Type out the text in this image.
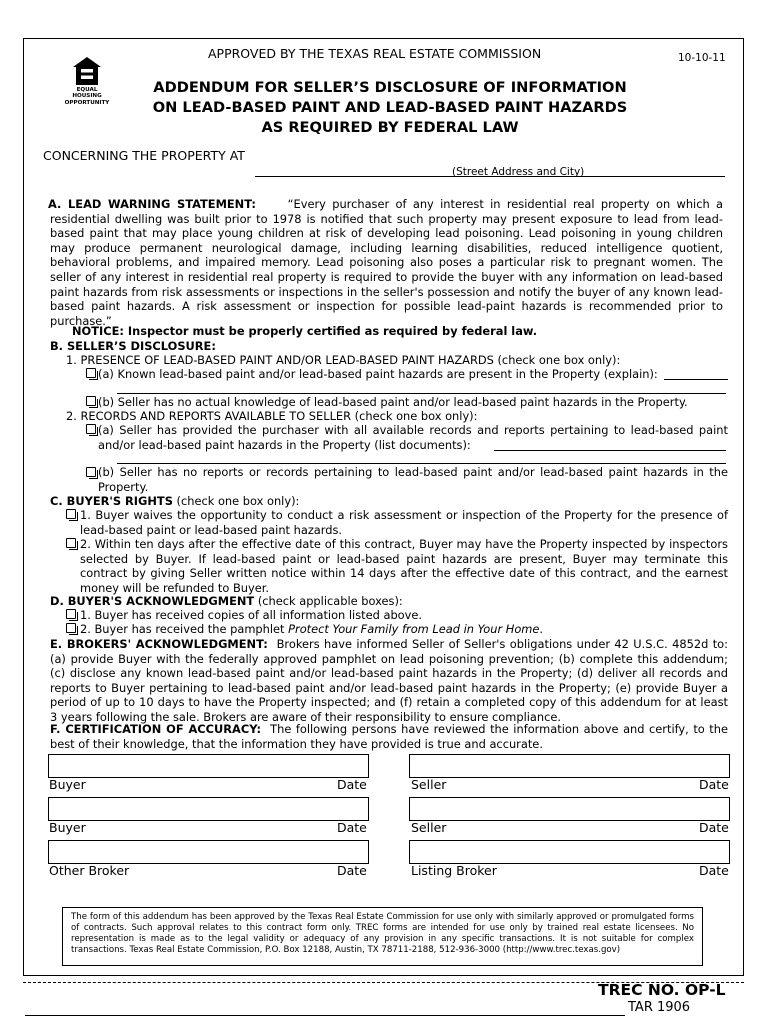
APPROVED BY THE TEXAS REAL ESTATE COMMISSION	10-10-11
EQUAL HOUSING OPPORTUNITY
ADDENDUM FOR SELLER’S DISCLOSURE OF INFORMATION
ON LEAD-BASED PAINT AND LEAD-BASED PAINT HAZARDS
AS REQUIRED BY FEDERAL LAW
CONCERNING THE PROPERTY AT
(Street Address and City)
A. LEAD WARNING STATEMENT:	“Every purchaser of any interest in residential real property on which a residential dwelling was built prior to 1978 is notified that such property may present exposure to lead from lead-based paint that may place young children at risk of developing lead poisoning. Lead poisoning in young children may produce permanent neurological damage, including learning disabilities, reduced intelligence quotient, behavioral problems, and impaired memory. Lead poisoning also poses a particular risk to pregnant women. The seller of any interest in residential real property is required to provide the buyer with any information on lead-based paint hazards from risk assessments or inspections in the seller's possession and notify the buyer of any known lead-based paint hazards. A risk assessment or inspection for possible lead-paint hazards is recommended prior to purchase.”
NOTICE: Inspector must be properly certified as required by federal law.
B. SELLER’S DISCLOSURE:
1. PRESENCE OF LEAD-BASED PAINT AND/OR LEAD-BASED PAINT HAZARDS (check one box only):
(a) Known lead-based paint and/or lead-based paint hazards are present in the Property (explain):
(b) Seller has no actual knowledge of lead-based paint and/or lead-based paint hazards in the Property.
2. RECORDS AND REPORTS AVAILABLE TO SELLER (check one box only):
(a) Seller has provided the purchaser with all available records and reports pertaining to lead-based paint and/or lead-based paint hazards in the Property (list documents):
(b) Seller has no reports or records pertaining to lead-based paint and/or lead-based paint hazards in the Property.
C. BUYER'S RIGHTS (check one box only):
1. Buyer waives the opportunity to conduct a risk assessment or inspection of the Property for the presence of lead-based paint or lead-based paint hazards.
2. Within ten days after the effective date of this contract, Buyer may have the Property inspected by inspectors selected by Buyer. If lead-based paint or lead-based paint hazards are present, Buyer may terminate this contract by giving Seller written notice within 14 days after the effective date of this contract, and the earnest money will be refunded to Buyer.
D. BUYER'S ACKNOWLEDGMENT (check applicable boxes):
1. Buyer has received copies of all information listed above.
2. Buyer has received the pamphlet Protect Your Family from Lead in Your Home.
E. BROKERS' ACKNOWLEDGMENT: Brokers have informed Seller of Seller's obligations under 42 U.S.C. 4852d to: (a) provide Buyer with the federally approved pamphlet on lead poisoning prevention; (b) complete this addendum; (c) disclose any known lead-based paint and/or lead-based paint hazards in the Property; (d) deliver all records and reports to Buyer pertaining to lead-based paint and/or lead-based paint hazards in the Property; (e) provide Buyer a period of up to 10 days to have the Property inspected; and (f) retain a completed copy of this addendum for at least 3 years following the sale. Brokers are aware of their responsibility to ensure compliance.
F. CERTIFICATION OF ACCURACY: The following persons have reviewed the information above and certify, to the best of their knowledge, that the information they have provided is true and accurate.
Buyer	Date	Seller	Date
Buyer	Date	Seller	Date
Other Broker	Date	Listing Broker	Date
The form of this addendum has been approved by the Texas Real Estate Commission for use only with similarly approved or promulgated forms of contracts. Such approval relates to this contract form only. TREC forms are intended for use only by trained real estate licensees. No representation is made as to the legal validity or adequacy of any provision in any specific transactions. It is not suitable for complex transactions. Texas Real Estate Commission, P.O. Box 12188, Austin, TX 78711-2188, 512-936-3000 (http://www.trec.texas.gov)
TREC NO. OP-L
TAR 1906
